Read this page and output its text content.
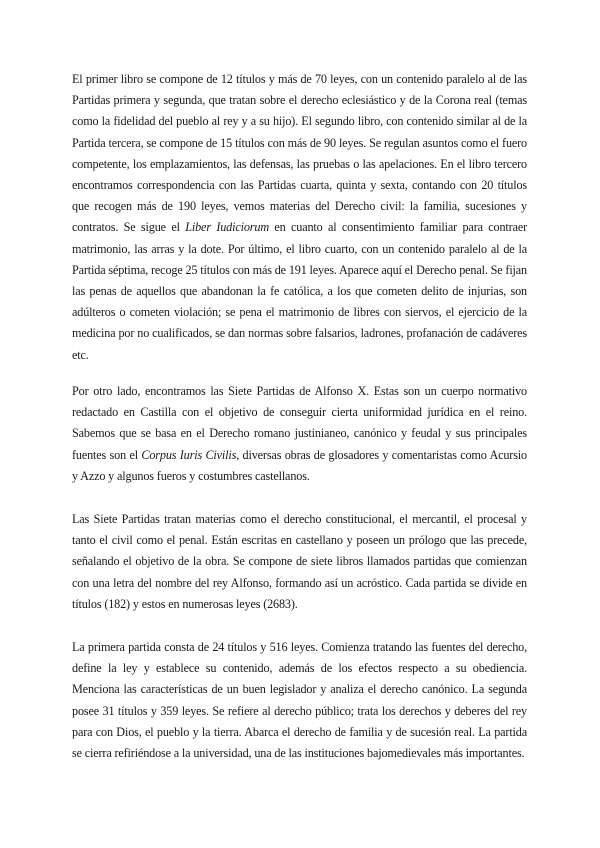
El primer libro se compone de 12 títulos y más de 70 leyes, con un contenido paralelo al de las Partidas primera y segunda, que tratan sobre el derecho eclesiástico y de la Corona real (temas como la fidelidad del pueblo al rey y a su hijo). El segundo libro, con contenido similar al de la Partida tercera, se compone de 15 títulos con más de 90 leyes. Se regulan asuntos como el fuero competente, los emplazamientos, las defensas, las pruebas o las apelaciones. En el libro tercero encontramos correspondencia con las Partidas cuarta, quinta y sexta, contando con 20 títulos que recogen más de 190 leyes, vemos materias del Derecho civil: la familia, sucesiones y contratos. Se sigue el Liber Iudiciorum en cuanto al consentimiento familiar para contraer matrimonio, las arras y la dote. Por último, el libro cuarto, con un contenido paralelo al de la Partida séptima, recoge 25 títulos con más de 191 leyes. Aparece aquí el Derecho penal. Se fijan las penas de aquellos que abandonan la fe católica, a los que cometen delito de injurias, son adúlteros o cometen violación; se pena el matrimonio de libres con siervos, el ejercicio de la medicina por no cualificados, se dan normas sobre falsarios, ladrones, profanación de cadáveres etc.

Por otro lado, encontramos las Siete Partidas de Alfonso X. Estas son un cuerpo normativo redactado en Castilla con el objetivo de conseguir cierta uniformidad jurídica en el reino. Sabemos que se basa en el Derecho romano justinianeo, canónico y feudal y sus principales fuentes son el Corpus Iuris Civilis, diversas obras de glosadores y comentaristas como Acursio y Azzo y algunos fueros y costumbres castellanos.

Las Siete Partidas tratan materias como el derecho constitucional, el mercantil, el procesal y tanto el civil como el penal. Están escritas en castellano y poseen un prólogo que las precede, señalando el objetivo de la obra. Se compone de siete libros llamados partidas que comienzan con una letra del nombre del rey Alfonso, formando así un acróstico. Cada partida se divide en títulos (182) y estos en numerosas leyes (2683).

La primera partida consta de 24 títulos y 516 leyes. Comienza tratando las fuentes del derecho, define la ley y establece su contenido, además de los efectos respecto a su obediencia. Menciona las características de un buen legislador y analiza el derecho canónico. La segunda posee 31 títulos y 359 leyes. Se refiere al derecho público; trata los derechos y deberes del rey para con Dios, el pueblo y la tierra. Abarca el derecho de familia y de sucesión real. La partida se cierra refiriéndose a la universidad, una de las instituciones bajomedievales más importantes.
